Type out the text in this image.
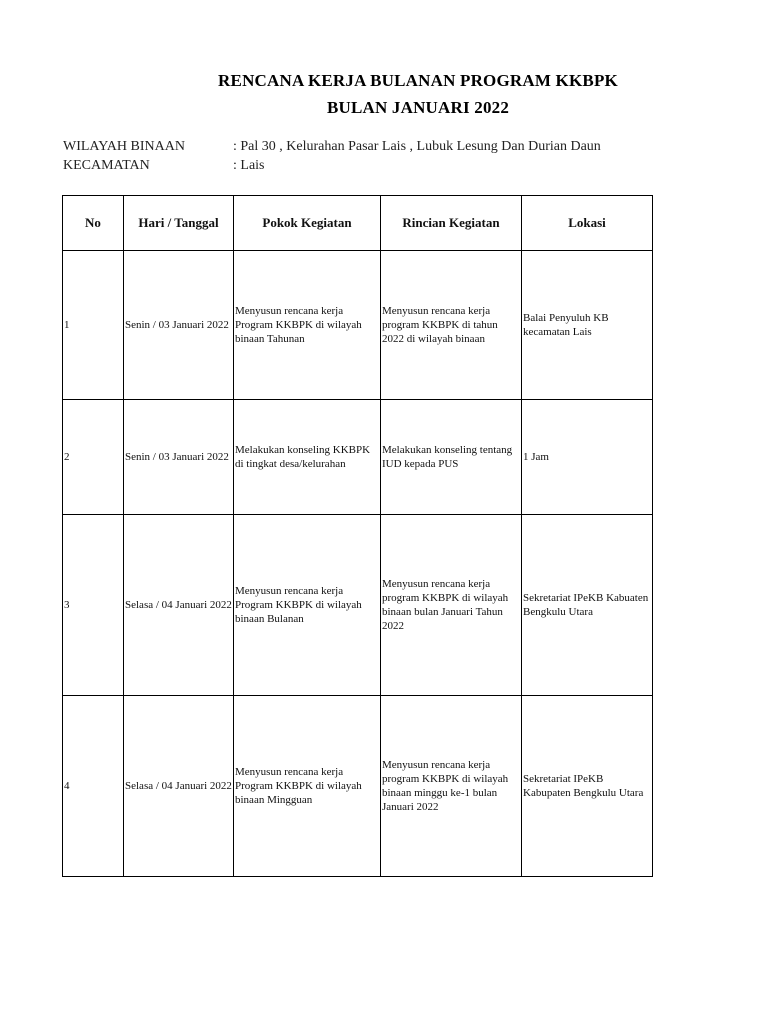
RENCANA KERJA BULANAN PROGRAM KKBPK
BULAN JANUARI 2022
WILAYAH BINAAN	: Pal 30 , Kelurahan Pasar Lais , Lubuk Lesung Dan Durian Daun
KECAMATAN	: Lais
No	Hari / Tanggal	Pokok Kegiatan	Rincian Kegiatan	Lokasi
1	Senin / 03 Januari 2022	Menyusun rencana kerja Program KKBPK di wilayah binaan Tahunan	Menyusun rencana kerja program KKBPK di tahun 2022 di wilayah binaan	Balai Penyuluh KB kecamatan Lais
2	Senin / 03 Januari 2022	Melakukan konseling KKBPK di tingkat desa/kelurahan	Melakukan konseling tentang IUD kepada PUS	1 Jam
3	Selasa / 04 Januari 2022	Menyusun rencana kerja Program KKBPK di wilayah binaan Bulanan	Menyusun rencana kerja program KKBPK di wilayah binaan bulan Januari Tahun 2022	Sekretariat IPeKB Kabuaten Bengkulu Utara
4	Selasa / 04 Januari 2022	Menyusun rencana kerja Program KKBPK di wilayah binaan Mingguan	Menyusun rencana kerja program KKBPK di wilayah binaan minggu ke-1 bulan Januari 2022	Sekretariat IPeKB Kabupaten Bengkulu Utara
